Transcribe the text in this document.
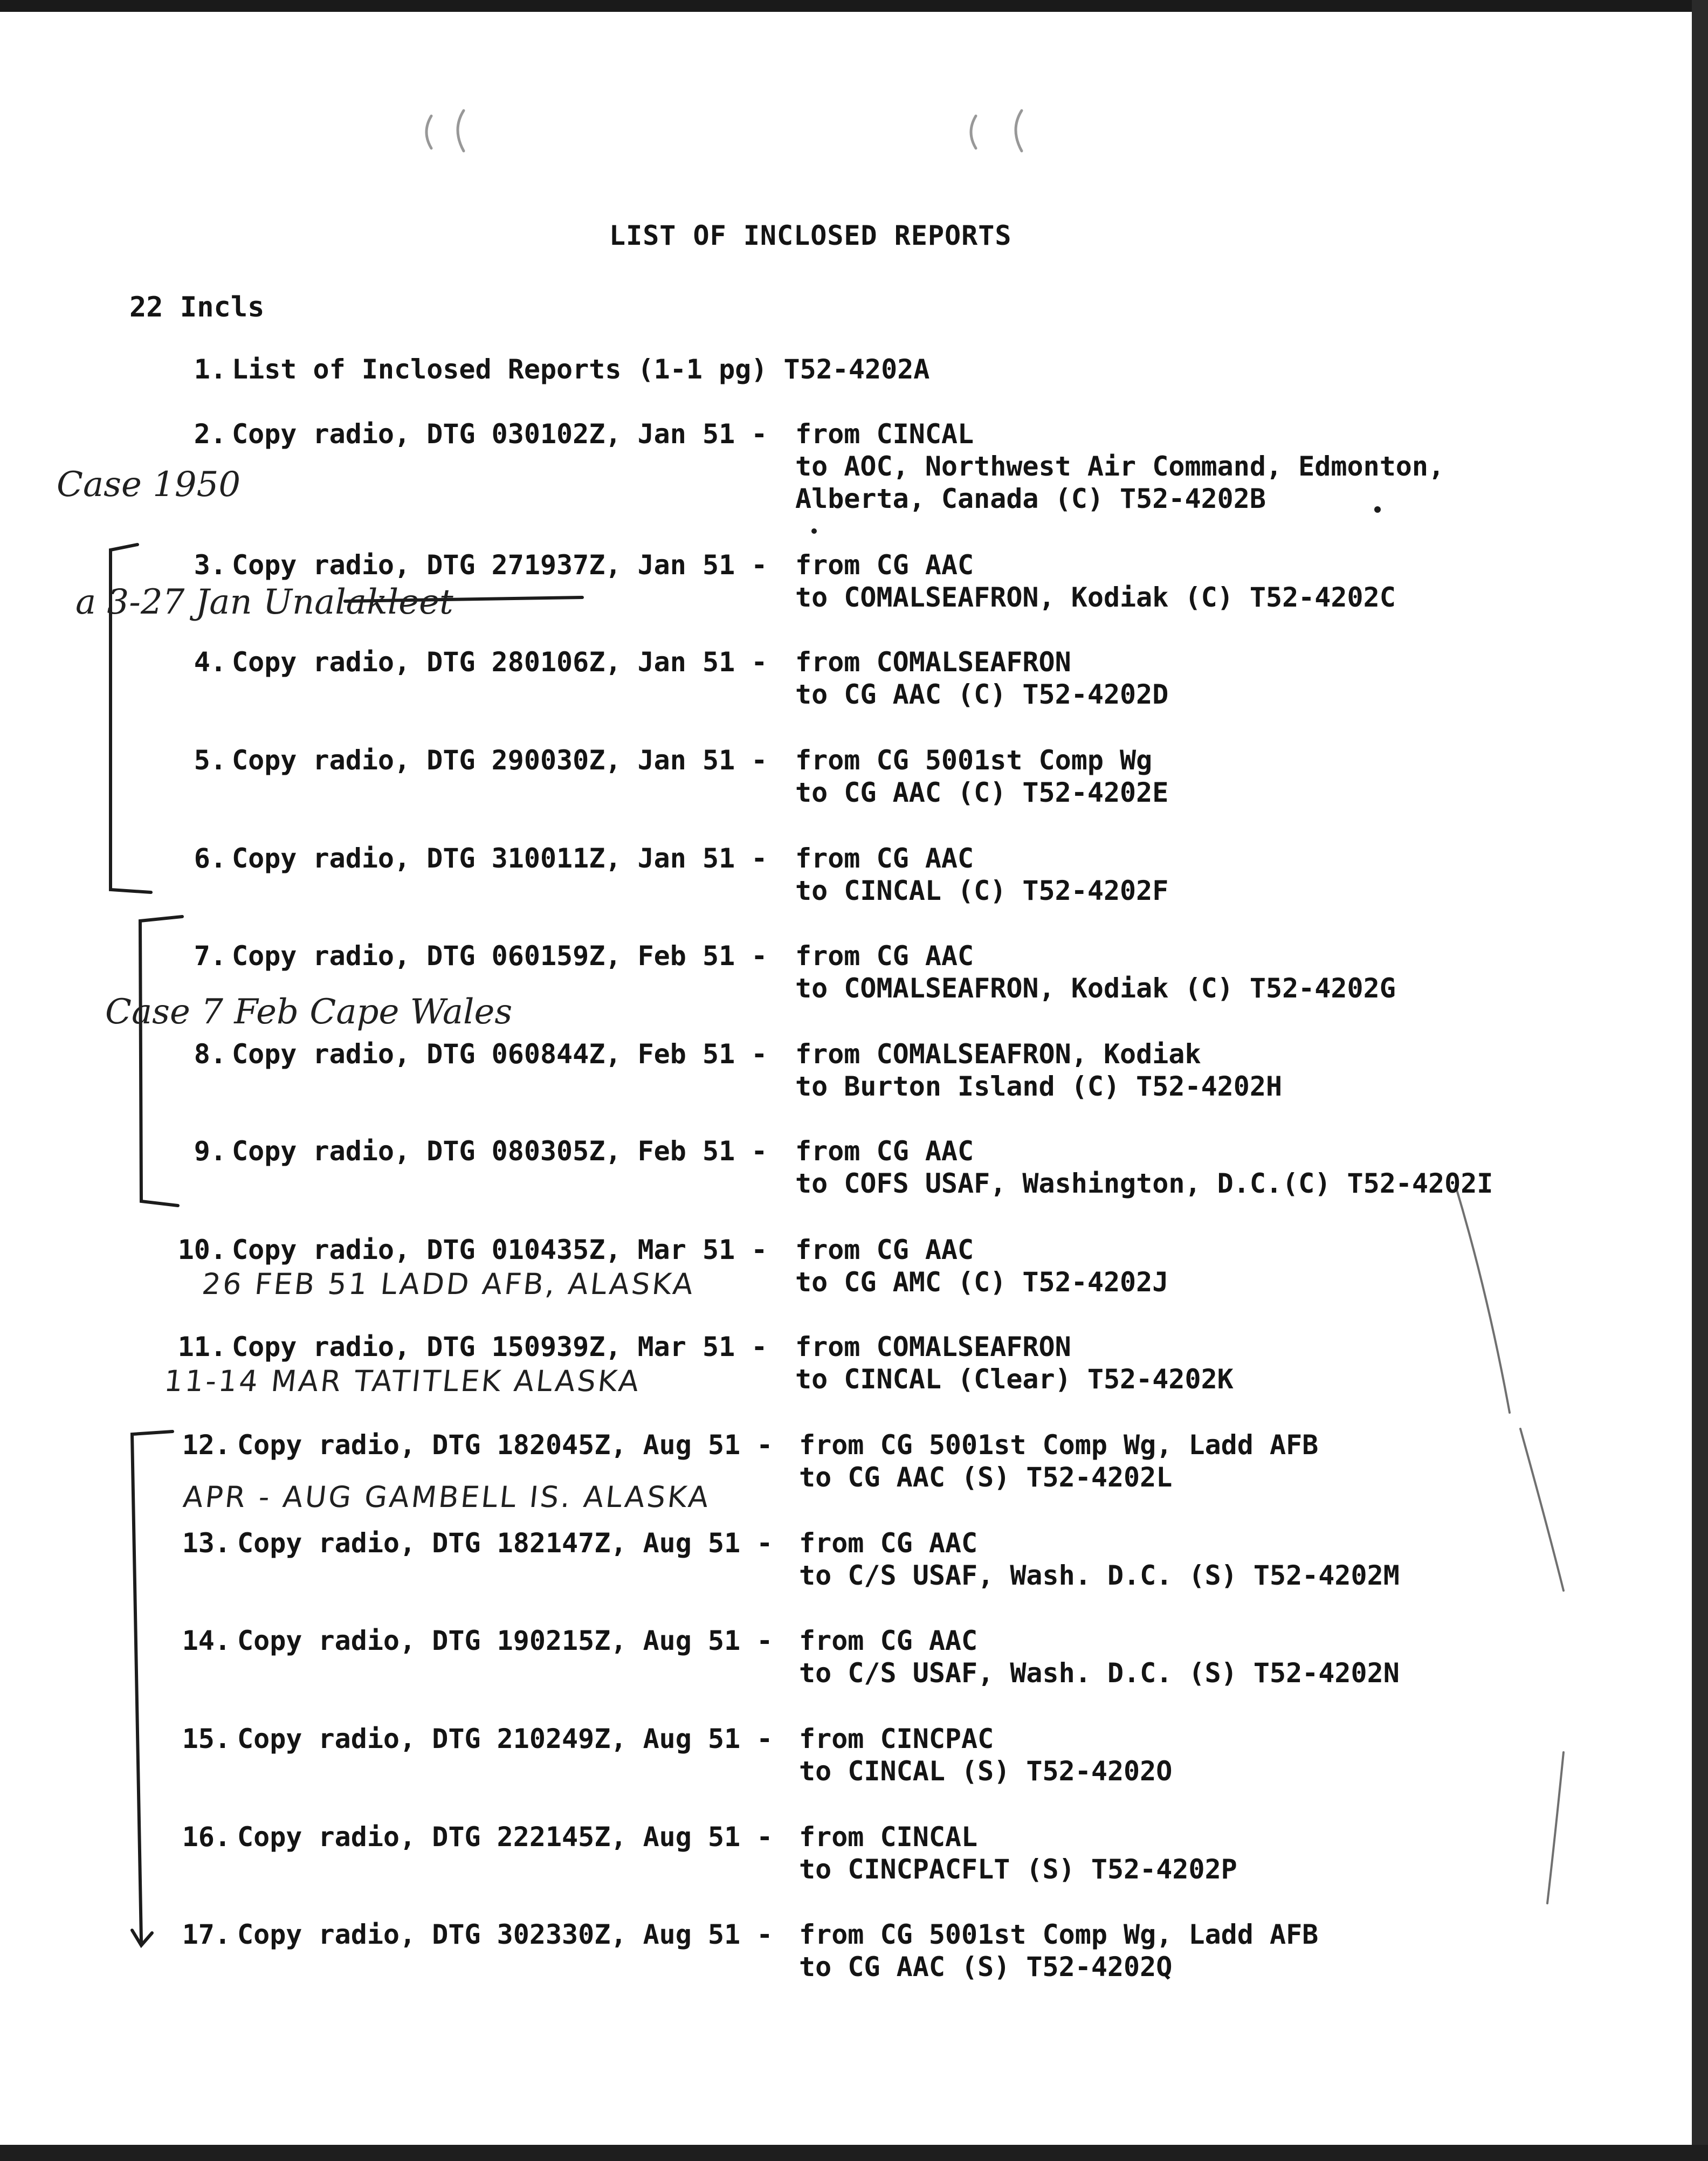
LIST OF INCLOSED REPORTS
22 Incls
1. List of Inclosed Reports (1-1 pg) T52-4202A
2. Copy radio, DTG 030102Z, Jan 51 - from CINCAL
to AOC, Northwest Air Command, Edmonton,
Alberta, Canada (C) T52-4202B
3. Copy radio, DTG 271937Z, Jan 51 - from CG AAC
to COMALSEAFRON, Kodiak (C) T52-4202C
4. Copy radio, DTG 280106Z, Jan 51 - from COMALSEAFRON
to CG AAC (C) T52-4202D
5. Copy radio, DTG 290030Z, Jan 51 - from CG 5001st Comp Wg
to CG AAC (C) T52-4202E
6. Copy radio, DTG 310011Z, Jan 51 - from CG AAC
to CINCAL (C) T52-4202F
7. Copy radio, DTG 060159Z, Feb 51 - from CG AAC
to COMALSEAFRON, Kodiak (C) T52-4202G
8. Copy radio, DTG 060844Z, Feb 51 - from COMALSEAFRON, Kodiak
to Burton Island (C) T52-4202H
9. Copy radio, DTG 080305Z, Feb 51 - from CG AAC
to COFS USAF, Washington, D.C.(C) T52-4202I
10. Copy radio, DTG 010435Z, Mar 51 - from CG AAC
to CG AMC (C) T52-4202J
11. Copy radio, DTG 150939Z, Mar 51 - from COMALSEAFRON
to CINCAL (Clear) T52-4202K
12. Copy radio, DTG 182045Z, Aug 51 - from CG 5001st Comp Wg, Ladd AFB
to CG AAC (S) T52-4202L
13. Copy radio, DTG 182147Z, Aug 51 - from CG AAC
to C/S USAF, Wash. D.C. (S) T52-4202M
14. Copy radio, DTG 190215Z, Aug 51 - from CG AAC
to C/S USAF, Wash. D.C. (S) T52-4202N
15. Copy radio, DTG 210249Z, Aug 51 - from CINCPAC
to CINCAL (S) T52-4202O
16. Copy radio, DTG 222145Z, Aug 51 - from CINCAL
to CINCPACFLT (S) T52-4202P
17. Copy radio, DTG 302330Z, Aug 51 - from CG 5001st Comp Wg, Ladd AFB
to CG AAC (S) T52-4202Q
Case 1950
a 3-27 Jan Unalakleet
Case 7 Feb Cape Wales
26 FEB 51 LADD AFB, ALASKA
11-14 MAR TATITLEK ALASKA
APR - AUG GAMBELL IS. ALASKA
